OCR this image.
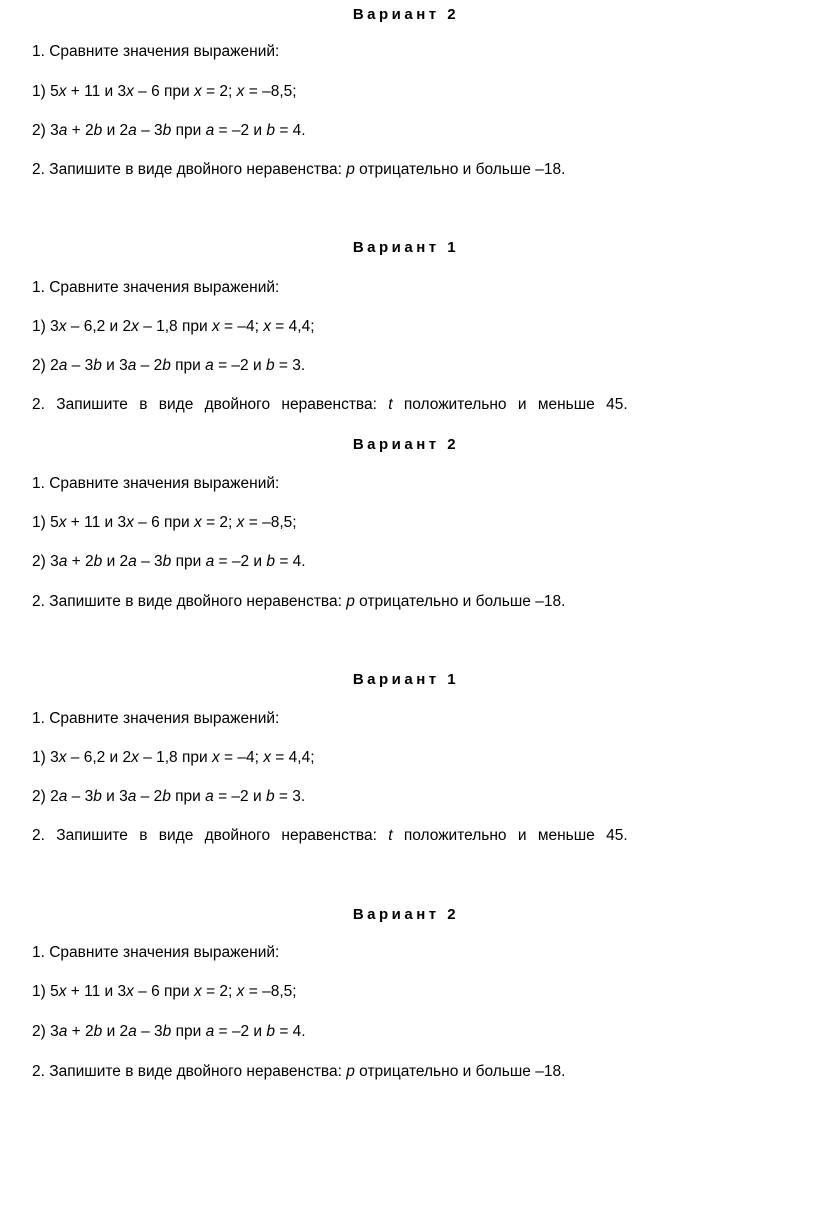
Вариант 2
1. Сравните значения выражений:
1) 5x + 11 и 3x – 6 при x = 2; x = –8,5;
2) 3a + 2b и 2a – 3b при a = –2 и b = 4.
2. Запишите в виде двойного неравенства: p отрицательно и больше –18.
Вариант 1
1. Сравните значения выражений:
1) 3x – 6,2 и 2x – 1,8 при x = –4; x = 4,4;
2) 2a – 3b и 3a – 2b при a = –2 и b = 3.
2. Запишите в виде двойного неравенства: t положительно и меньше 45.
Вариант 2
1. Сравните значения выражений:
1) 5x + 11 и 3x – 6 при x = 2; x = –8,5;
2) 3a + 2b и 2a – 3b при a = –2 и b = 4.
2. Запишите в виде двойного неравенства: p отрицательно и больше –18.
Вариант 1
1. Сравните значения выражений:
1) 3x – 6,2 и 2x – 1,8 при x = –4; x = 4,4;
2) 2a – 3b и 3a – 2b при a = –2 и b = 3.
2. Запишите в виде двойного неравенства: t положительно и меньше 45.
Вариант 2
1. Сравните значения выражений:
1) 5x + 11 и 3x – 6 при x = 2; x = –8,5;
2) 3a + 2b и 2a – 3b при a = –2 и b = 4.
2. Запишите в виде двойного неравенства: p отрицательно и больше –18.
